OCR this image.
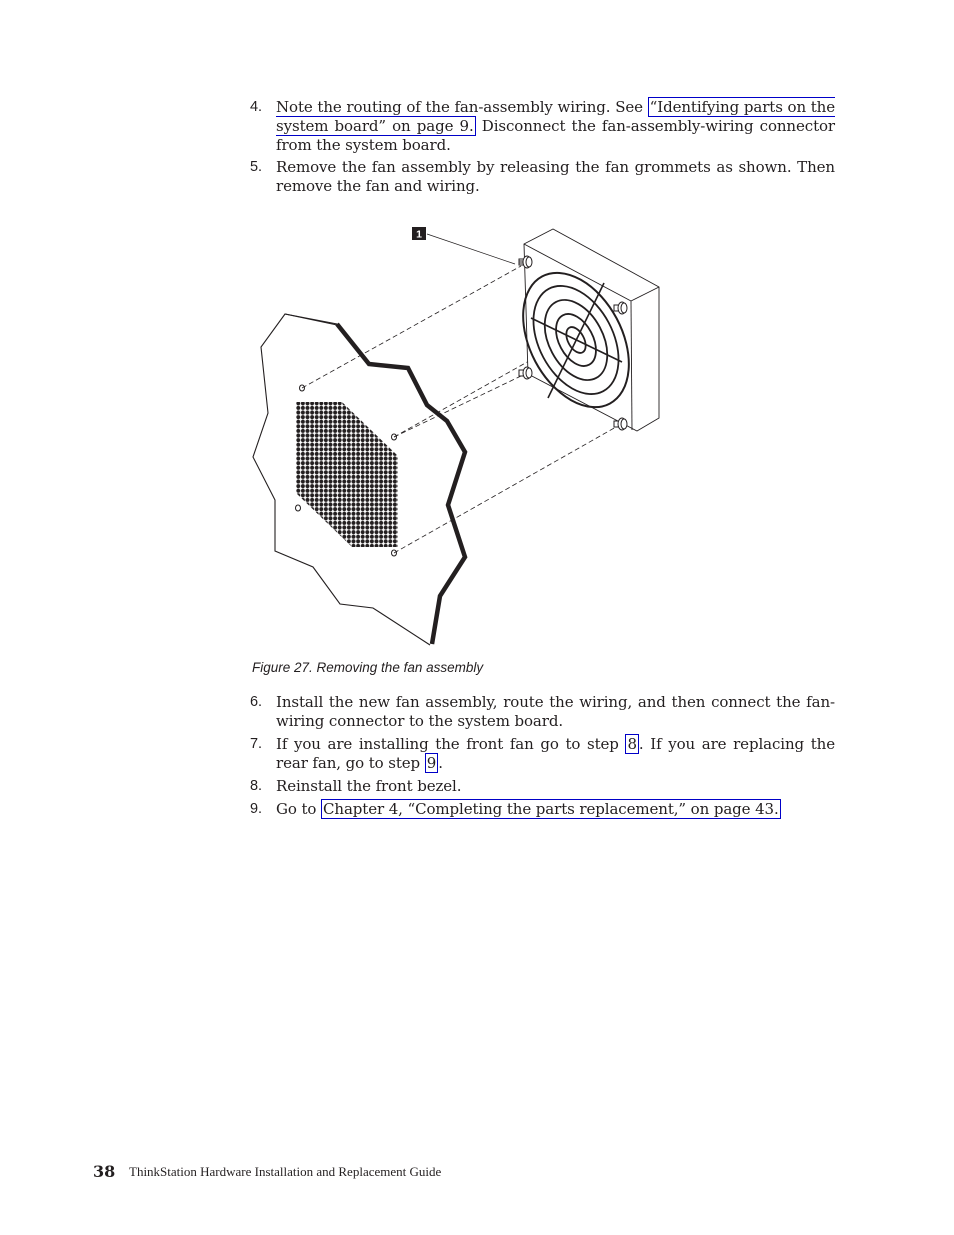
4. Note the routing of the fan-assembly wiring. See “Identifying parts on the system board” on page 9. Disconnect the fan-assembly-wiring connector from the system board.
5. Remove the fan assembly by releasing the fan grommets as shown. Then remove the fan and wiring.
1
Figure 27. Removing the fan assembly
6. Install the new fan assembly, route the wiring, and then connect the fan-wiring connector to the system board.
7. If you are installing the front fan go to step 8 . If you are replacing the rear fan, go to step 9 .
8. Reinstall the front bezel.
9. Go to Chapter 4, “Completing the parts replacement,” on page 43.
38 ThinkStation Hardware Installation and Replacement Guide
